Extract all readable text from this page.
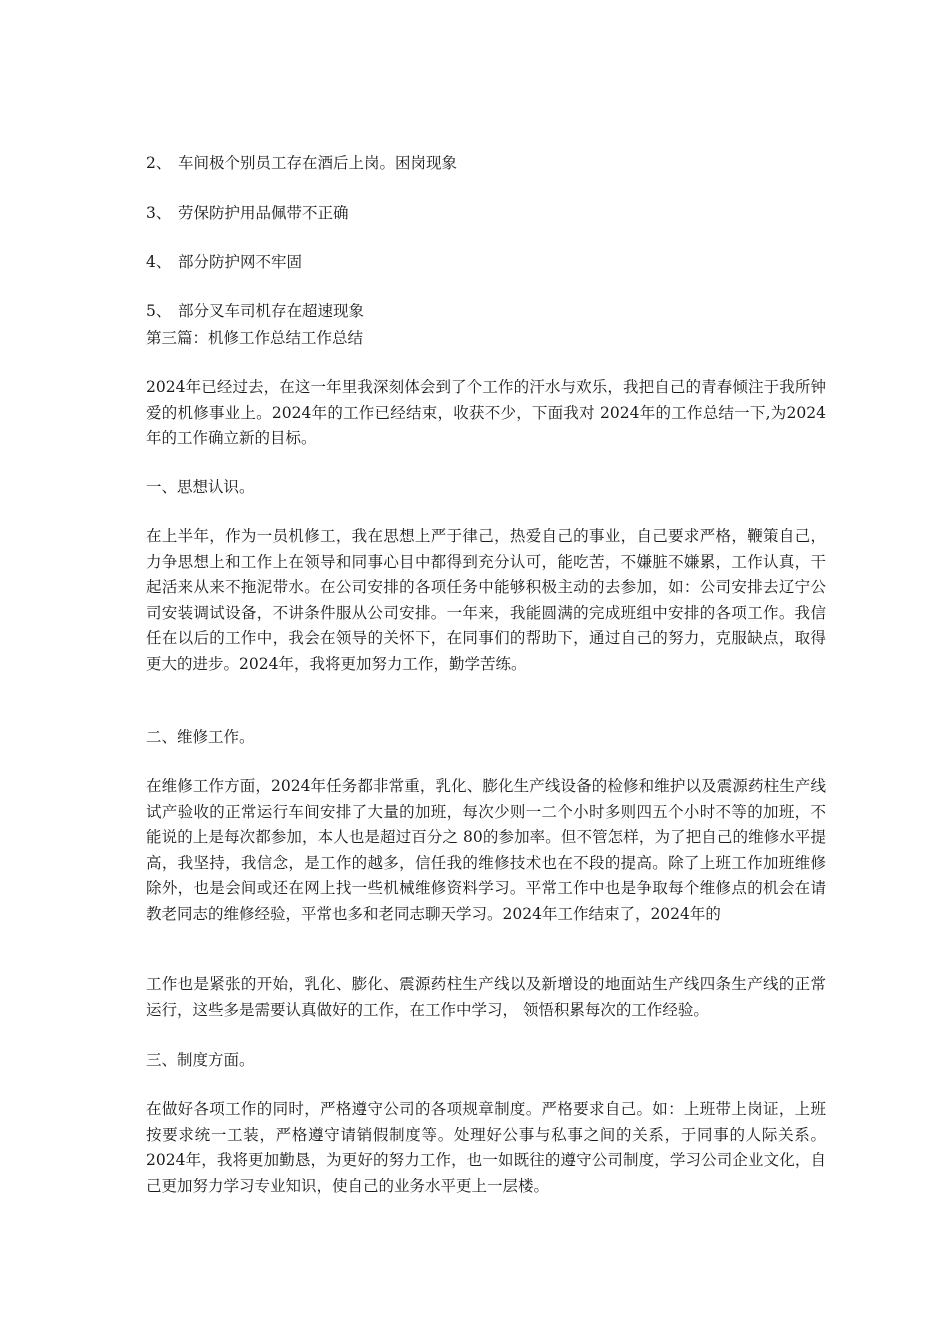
2、 车间极个别员工存在酒后上岗。困岗现象
3、 劳保防护用品佩带不正确
4、 部分防护网不牢固
5、 部分叉车司机存在超速现象
第三篇：机修工作总结工作总结
2024年已经过去，在这一年里我深刻体会到了个工作的汗水与欢乐，我把自己的青春倾注于我所钟爱的机修事业上。2024年的工作已经结束，收获不少，下面我对 2024年的工作总结一下,为2024年的工作确立新的目标。
一、思想认识。
在上半年，作为一员机修工，我在思想上严于律己，热爱自己的事业，自己要求严格，鞭策自己，力争思想上和工作上在领导和同事心目中都得到充分认可，能吃苦，不嫌脏不嫌累，工作认真，干起活来从来不拖泥带水。在公司安排的各项任务中能够积极主动的去参加，如：公司安排去辽宁公司安装调试设备，不讲条件服从公司安排。一年来，我能圆满的完成班组中安排的各项工作。我信任在以后的工作中，我会在领导的关怀下，在同事们的帮助下，通过自己的努力，克服缺点，取得更大的进步。2024年，我将更加努力工作，勤学苦练。
二、维修工作。
在维修工作方面，2024年任务都非常重，乳化、膨化生产线设备的检修和维护以及震源药柱生产线试产验收的正常运行车间安排了大量的加班，每次少则一二个小时多则四五个小时不等的加班，不能说的上是每次都参加，本人也是超过百分之 80的参加率。但不管怎样，为了把自己的维修水平提高，我坚持，我信念，是工作的越多，信任我的维修技术也在不段的提高。除了上班工作加班维修除外，也是会间或还在网上找一些机械维修资料学习。平常工作中也是争取每个维修点的机会在请教老同志的维修经验，平常也多和老同志聊天学习。2024年工作结束了，2024年的
工作也是紧张的开始，乳化、膨化、震源药柱生产线以及新增设的地面站生产线四条生产线的正常运行，这些多是需要认真做好的工作，在工作中学习， 领悟积累每次的工作经验。
三、制度方面。
在做好各项工作的同时，严格遵守公司的各项规章制度。严格要求自己。如：上班带上岗证，上班按要求统一工装，严格遵守请销假制度等。处理好公事与私事之间的关系，于同事的人际关系。2024年，我将更加勤恳，为更好的努力工作，也一如既往的遵守公司制度，学习公司企业文化，自己更加努力学习专业知识，使自己的业务水平更上一层楼。
